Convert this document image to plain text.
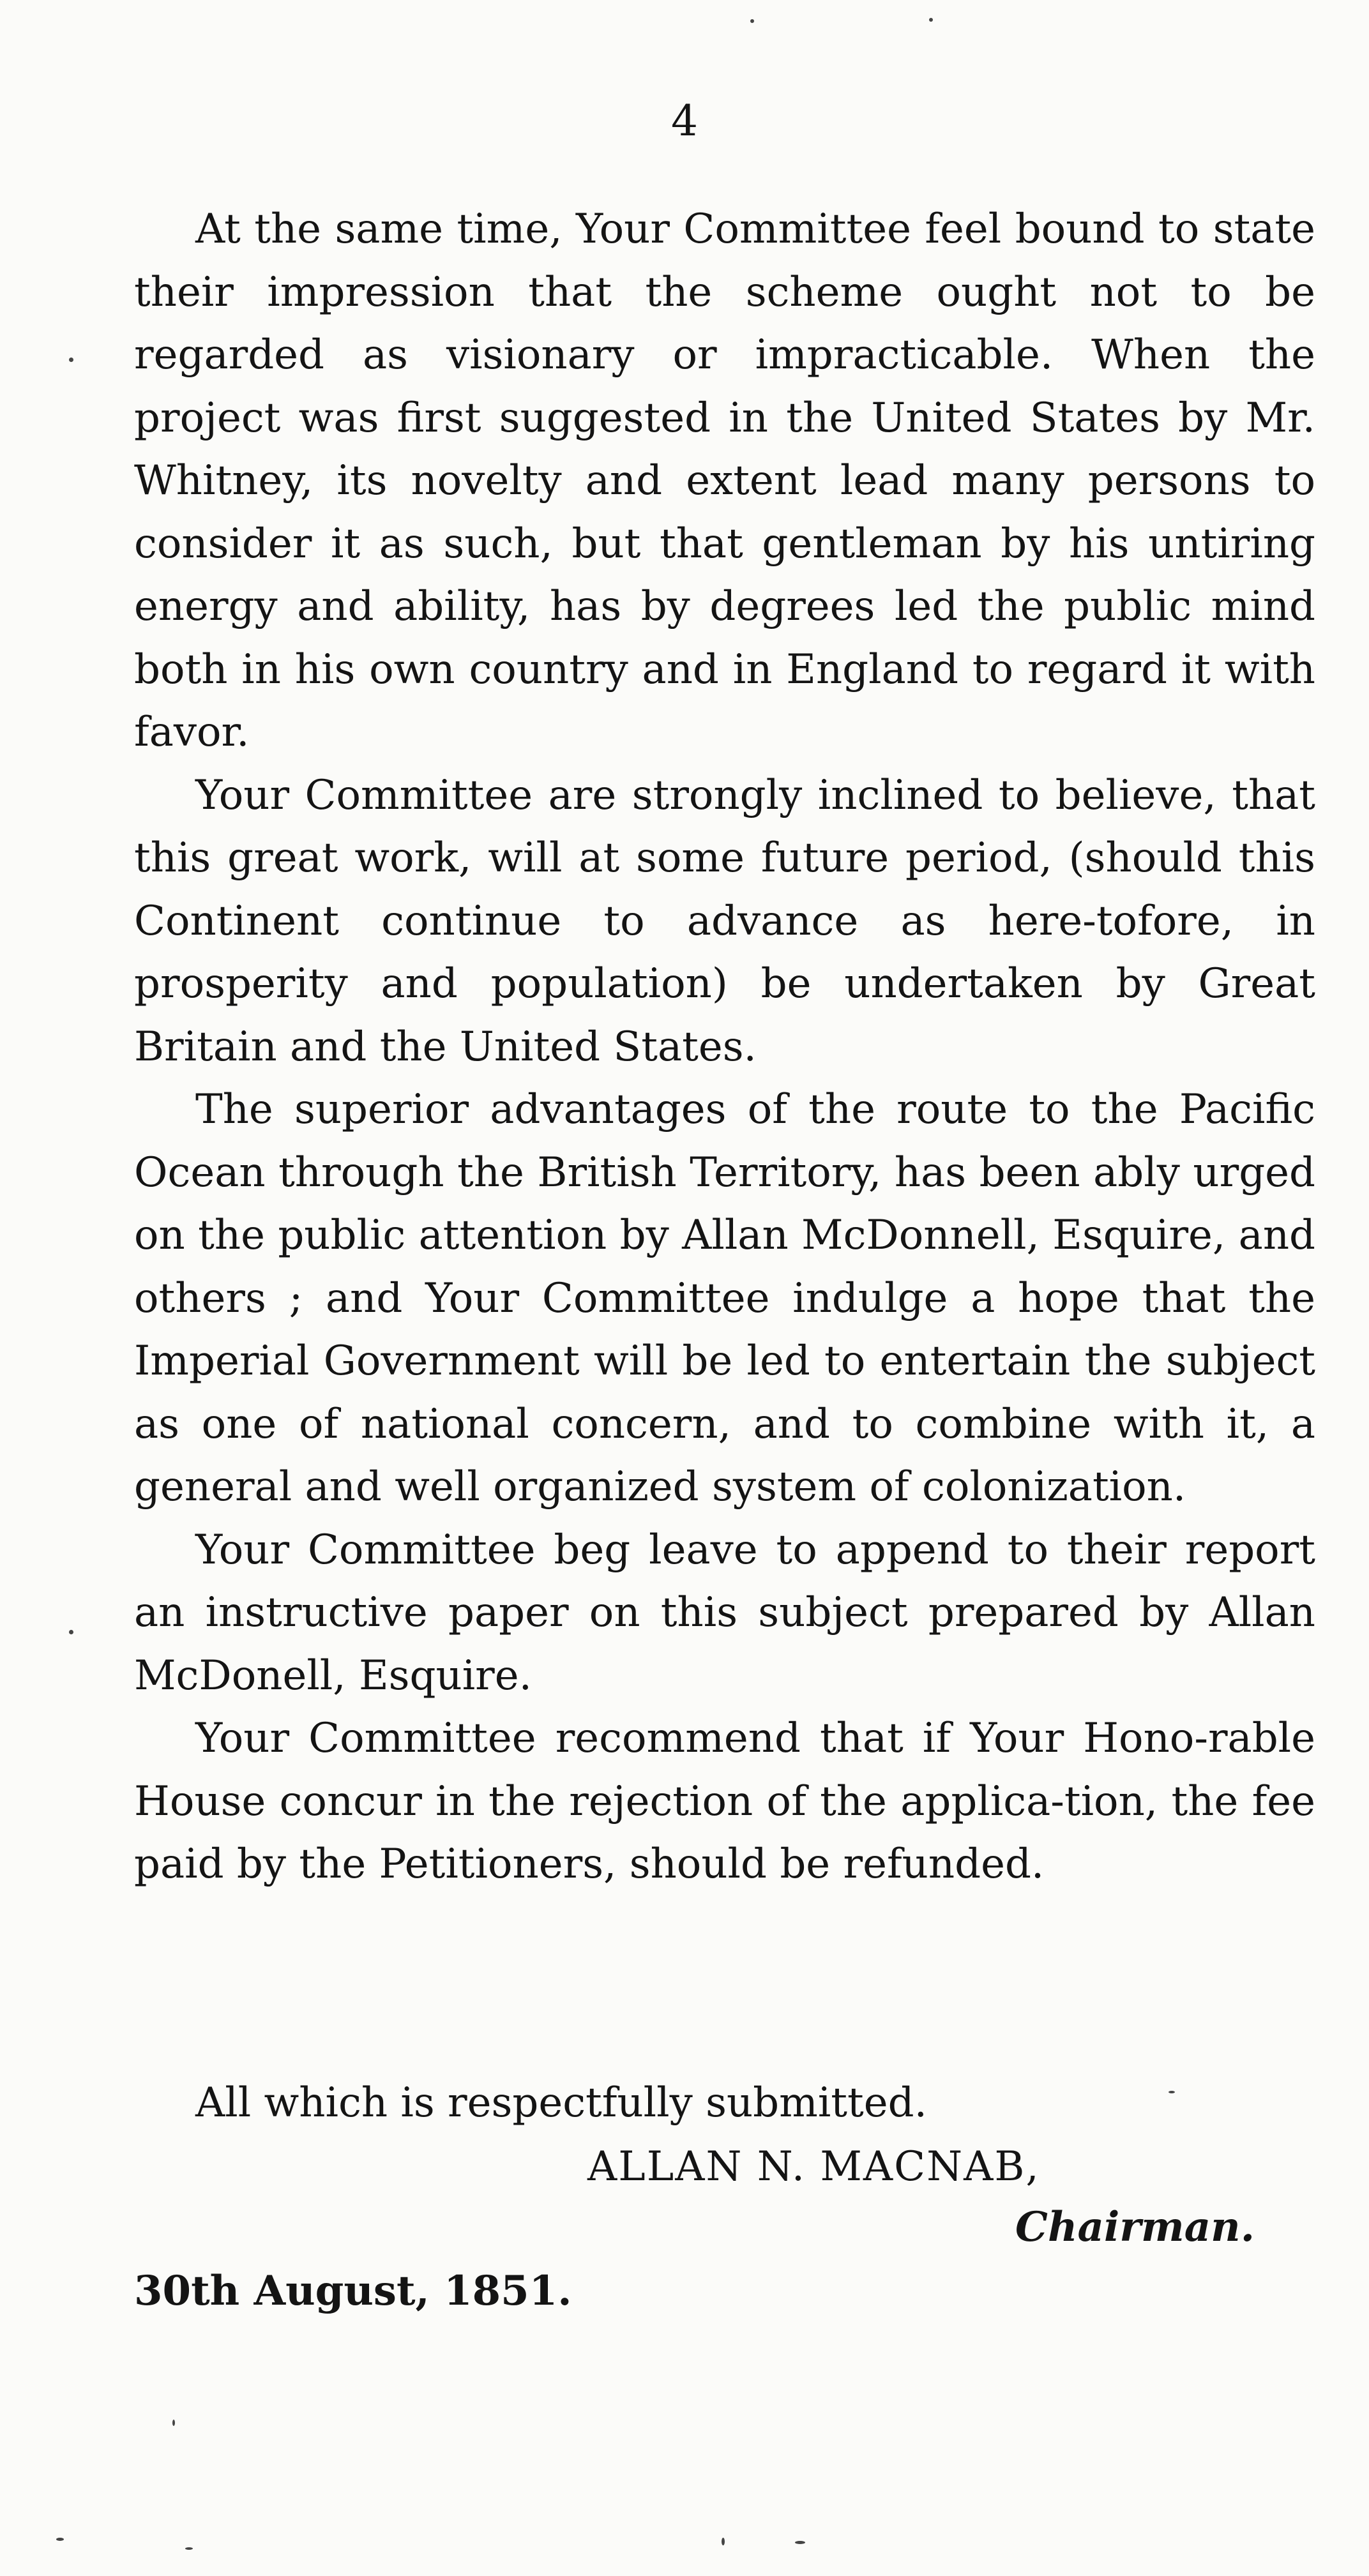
4

At the same time, Your Committee feel bound to state their impression that the scheme ought not to be regarded as visionary or impracticable. When the project was first suggested in the United States by Mr. Whitney, its novelty and extent lead many persons to consider it as such, but that gentleman by his untiring energy and ability, has by degrees led the public mind both in his own country and in England to regard it with favor.

Your Committee are strongly inclined to believe, that this great work, will at some future period, (should this Continent continue to advance as here-tofore, in prosperity and population) be undertaken by Great Britain and the United States.

The superior advantages of the route to the Pacific Ocean through the British Territory, has been ably urged on the public attention by Allan McDonnell, Esquire, and others ; and Your Committee indulge a hope that the Imperial Government will be led to entertain the subject as one of national concern, and to combine with it, a general and well organized system of colonization.

Your Committee beg leave to append to their report an instructive paper on this subject prepared by Allan McDonell, Esquire.

Your Committee recommend that if Your Hono-rable House concur in the rejection of the applica-tion, the fee paid by the Petitioners, should be refunded.

All which is respectfully submitted.
ALLAN N. MACNAB,
Chairman.
30th August, 1851.
